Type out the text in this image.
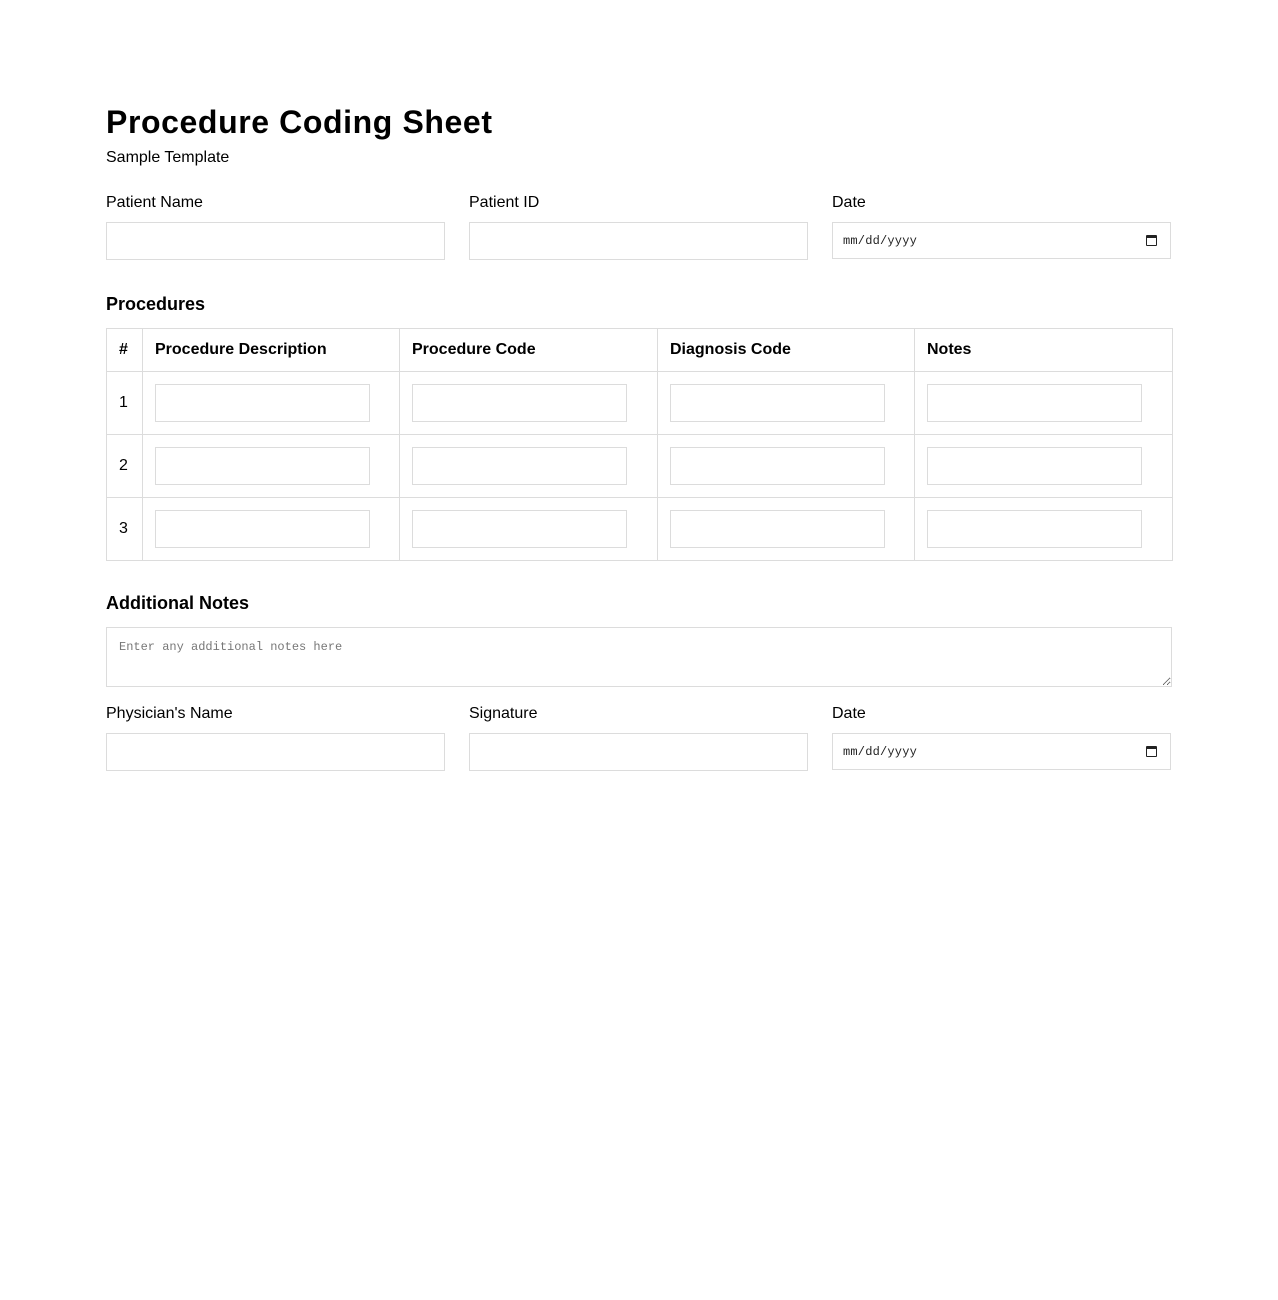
Procedure Coding Sheet
Sample Template
Patient Name	Patient ID	Date
mm/dd/yyyy
Procedures
#	Procedure Description	Procedure Code	Diagnosis Code	Notes
1	

2	

3	

Additional Notes
Enter any additional notes here
Physician's Name	Signature	Date
mm/dd/yyyy
